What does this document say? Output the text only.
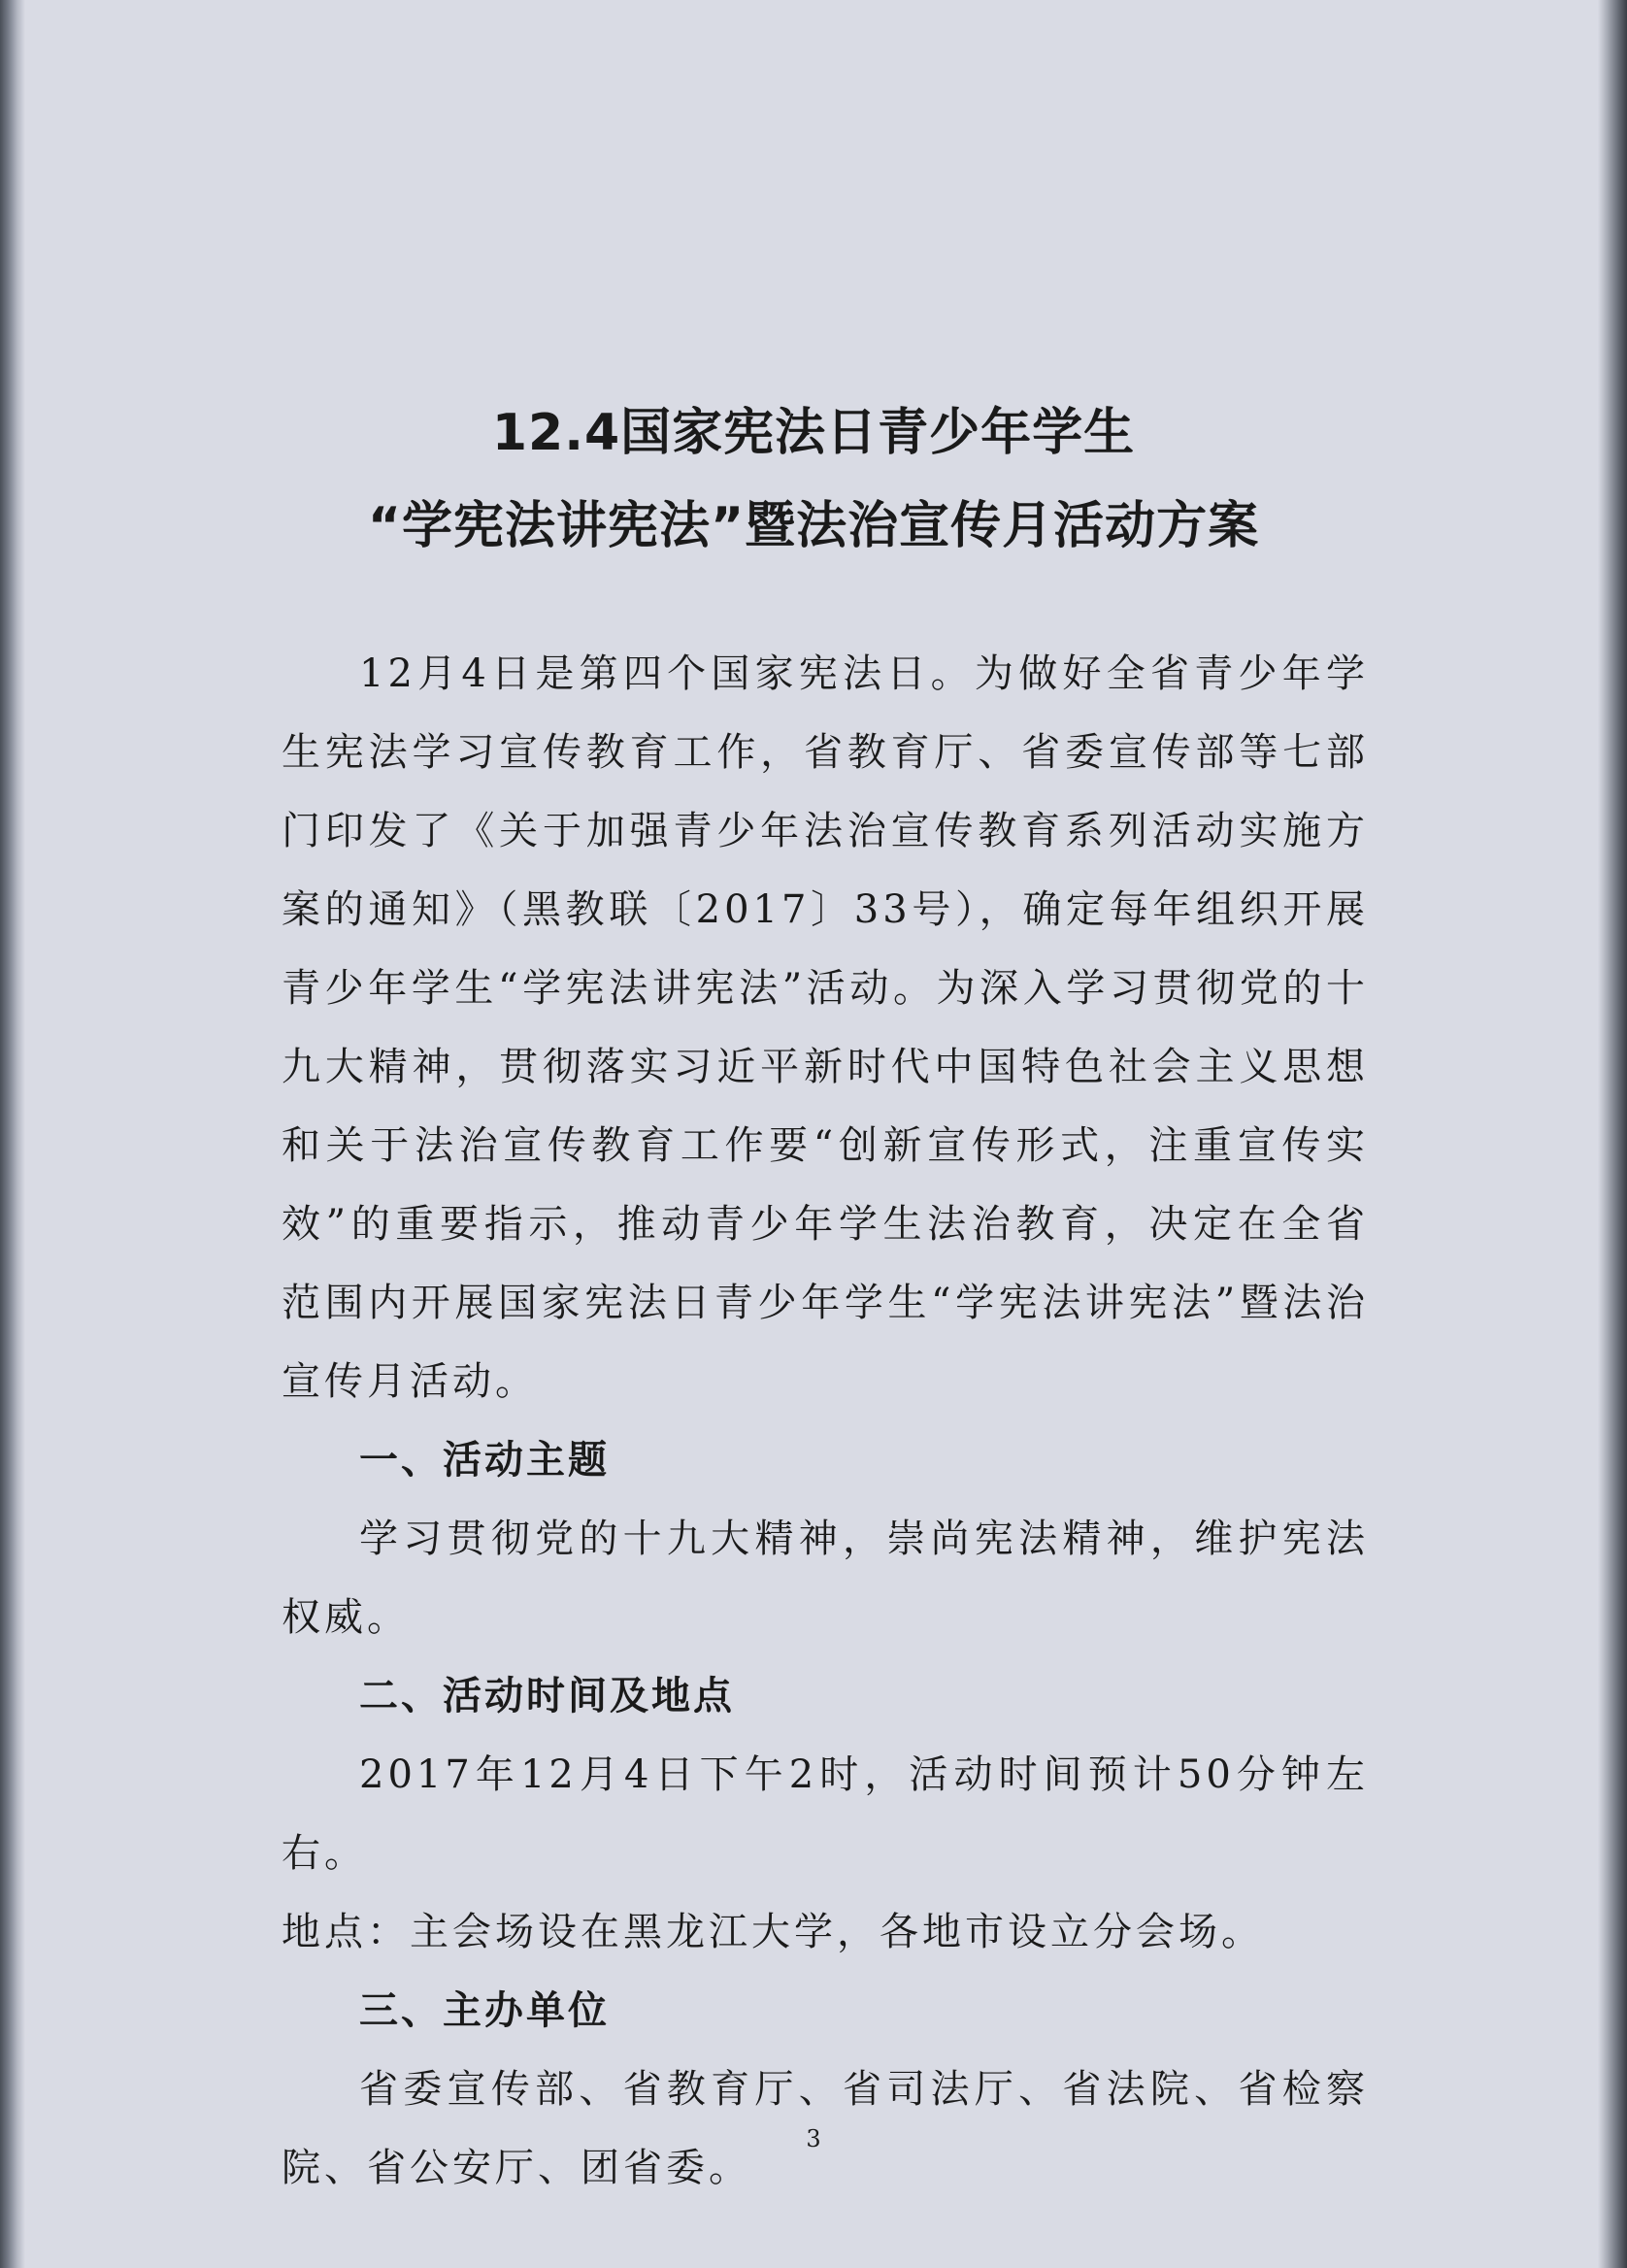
12.4国家宪法日青少年学生
“学宪法讲宪法”暨法治宣传月活动方案

12月4日是第四个国家宪法日。为做好全省青少年学生宪法学习宣传教育工作，省教育厅、省委宣传部等七部门印发了《关于加强青少年法治宣传教育系列活动实施方案的通知》（黑教联〔2017〕33号），确定每年组织开展青少年学生“学宪法讲宪法”活动。为深入学习贯彻党的十九大精神，贯彻落实习近平新时代中国特色社会主义思想和关于法治宣传教育工作要“创新宣传形式，注重宣传实效”的重要指示，推动青少年学生法治教育，决定在全省范围内开展国家宪法日青少年学生“学宪法讲宪法”暨法治宣传月活动。

一、活动主题

学习贯彻党的十九大精神，崇尚宪法精神，维护宪法权威。

二、活动时间及地点

2017年12月4日下午2时，活动时间预计50分钟左右。

地点：主会场设在黑龙江大学，各地市设立分会场。

三、主办单位

省委宣传部、省教育厅、省司法厅、省法院、省检察院、省公安厅、团省委。

3
